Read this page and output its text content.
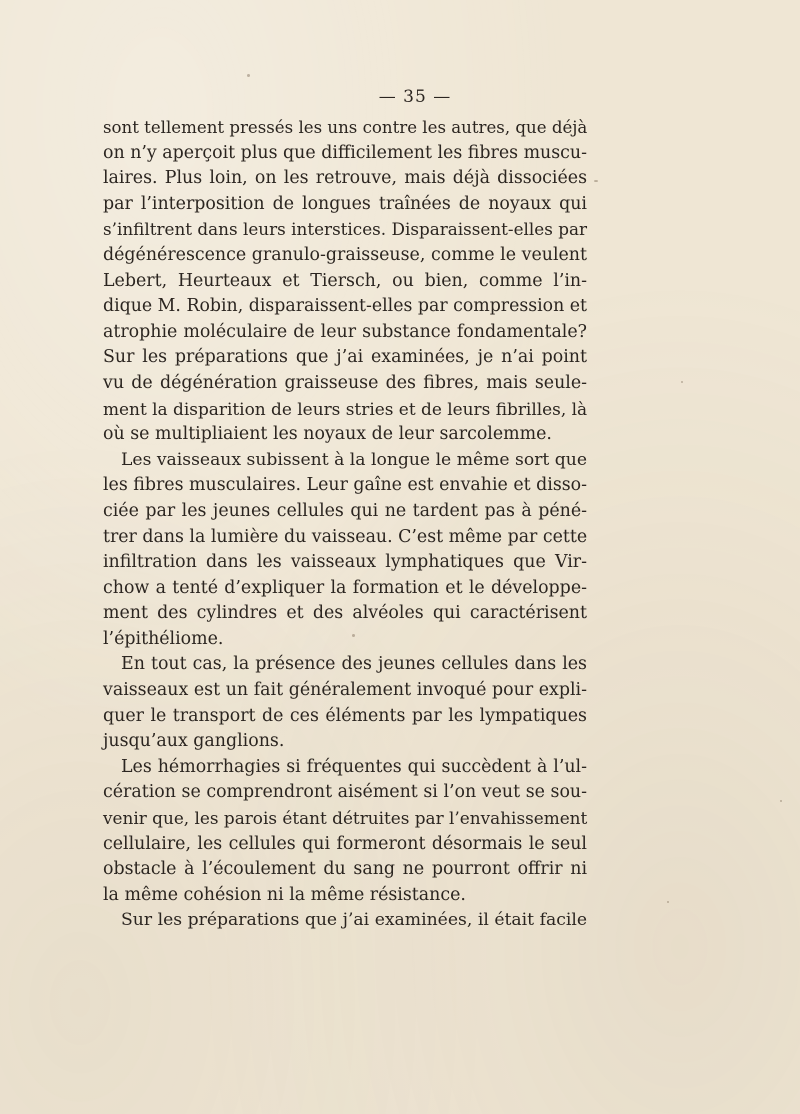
— 35 —
sont tellement pressés les uns contre les autres, que déjà
on n’y aperçoit plus que difficilement les fibres muscu-
laires. Plus loin, on les retrouve, mais déjà dissociées
par l’interposition de longues traînées de noyaux qui
s’infiltrent dans leurs interstices. Disparaissent-elles par
dégénérescence granulo-graisseuse, comme le veulent
Lebert, Heurteaux et Tiersch, ou bien, comme l’in-
dique M. Robin, disparaissent-elles par compression et
atrophie moléculaire de leur substance fondamentale?
Sur les préparations que j’ai examinées, je n’ai point
vu de dégénération graisseuse des fibres, mais seule-
ment la disparition de leurs stries et de leurs fibrilles, là
où se multipliaient les noyaux de leur sarcolemme.
Les vaisseaux subissent à la longue le même sort que
les fibres musculaires. Leur gaîne est envahie et disso-
ciée par les jeunes cellules qui ne tardent pas à péné-
trer dans la lumière du vaisseau. C’est même par cette
infiltration dans les vaisseaux lymphatiques que Vir-
chow a tenté d’expliquer la formation et le développe-
ment des cylindres et des alvéoles qui caractérisent
l’épithéliome.
En tout cas, la présence des jeunes cellules dans les
vaisseaux est un fait généralement invoqué pour expli-
quer le transport de ces éléments par les lympatiques
jusqu’aux ganglions.
Les hémorrhagies si fréquentes qui succèdent à l’ul-
cération se comprendront aisément si l’on veut se sou-
venir que, les parois étant détruites par l’envahissement
cellulaire, les cellules qui formeront désormais le seul
obstacle à l’écoulement du sang ne pourront offrir ni
la même cohésion ni la même résistance.
Sur les préparations que j’ai examinées, il était facile
